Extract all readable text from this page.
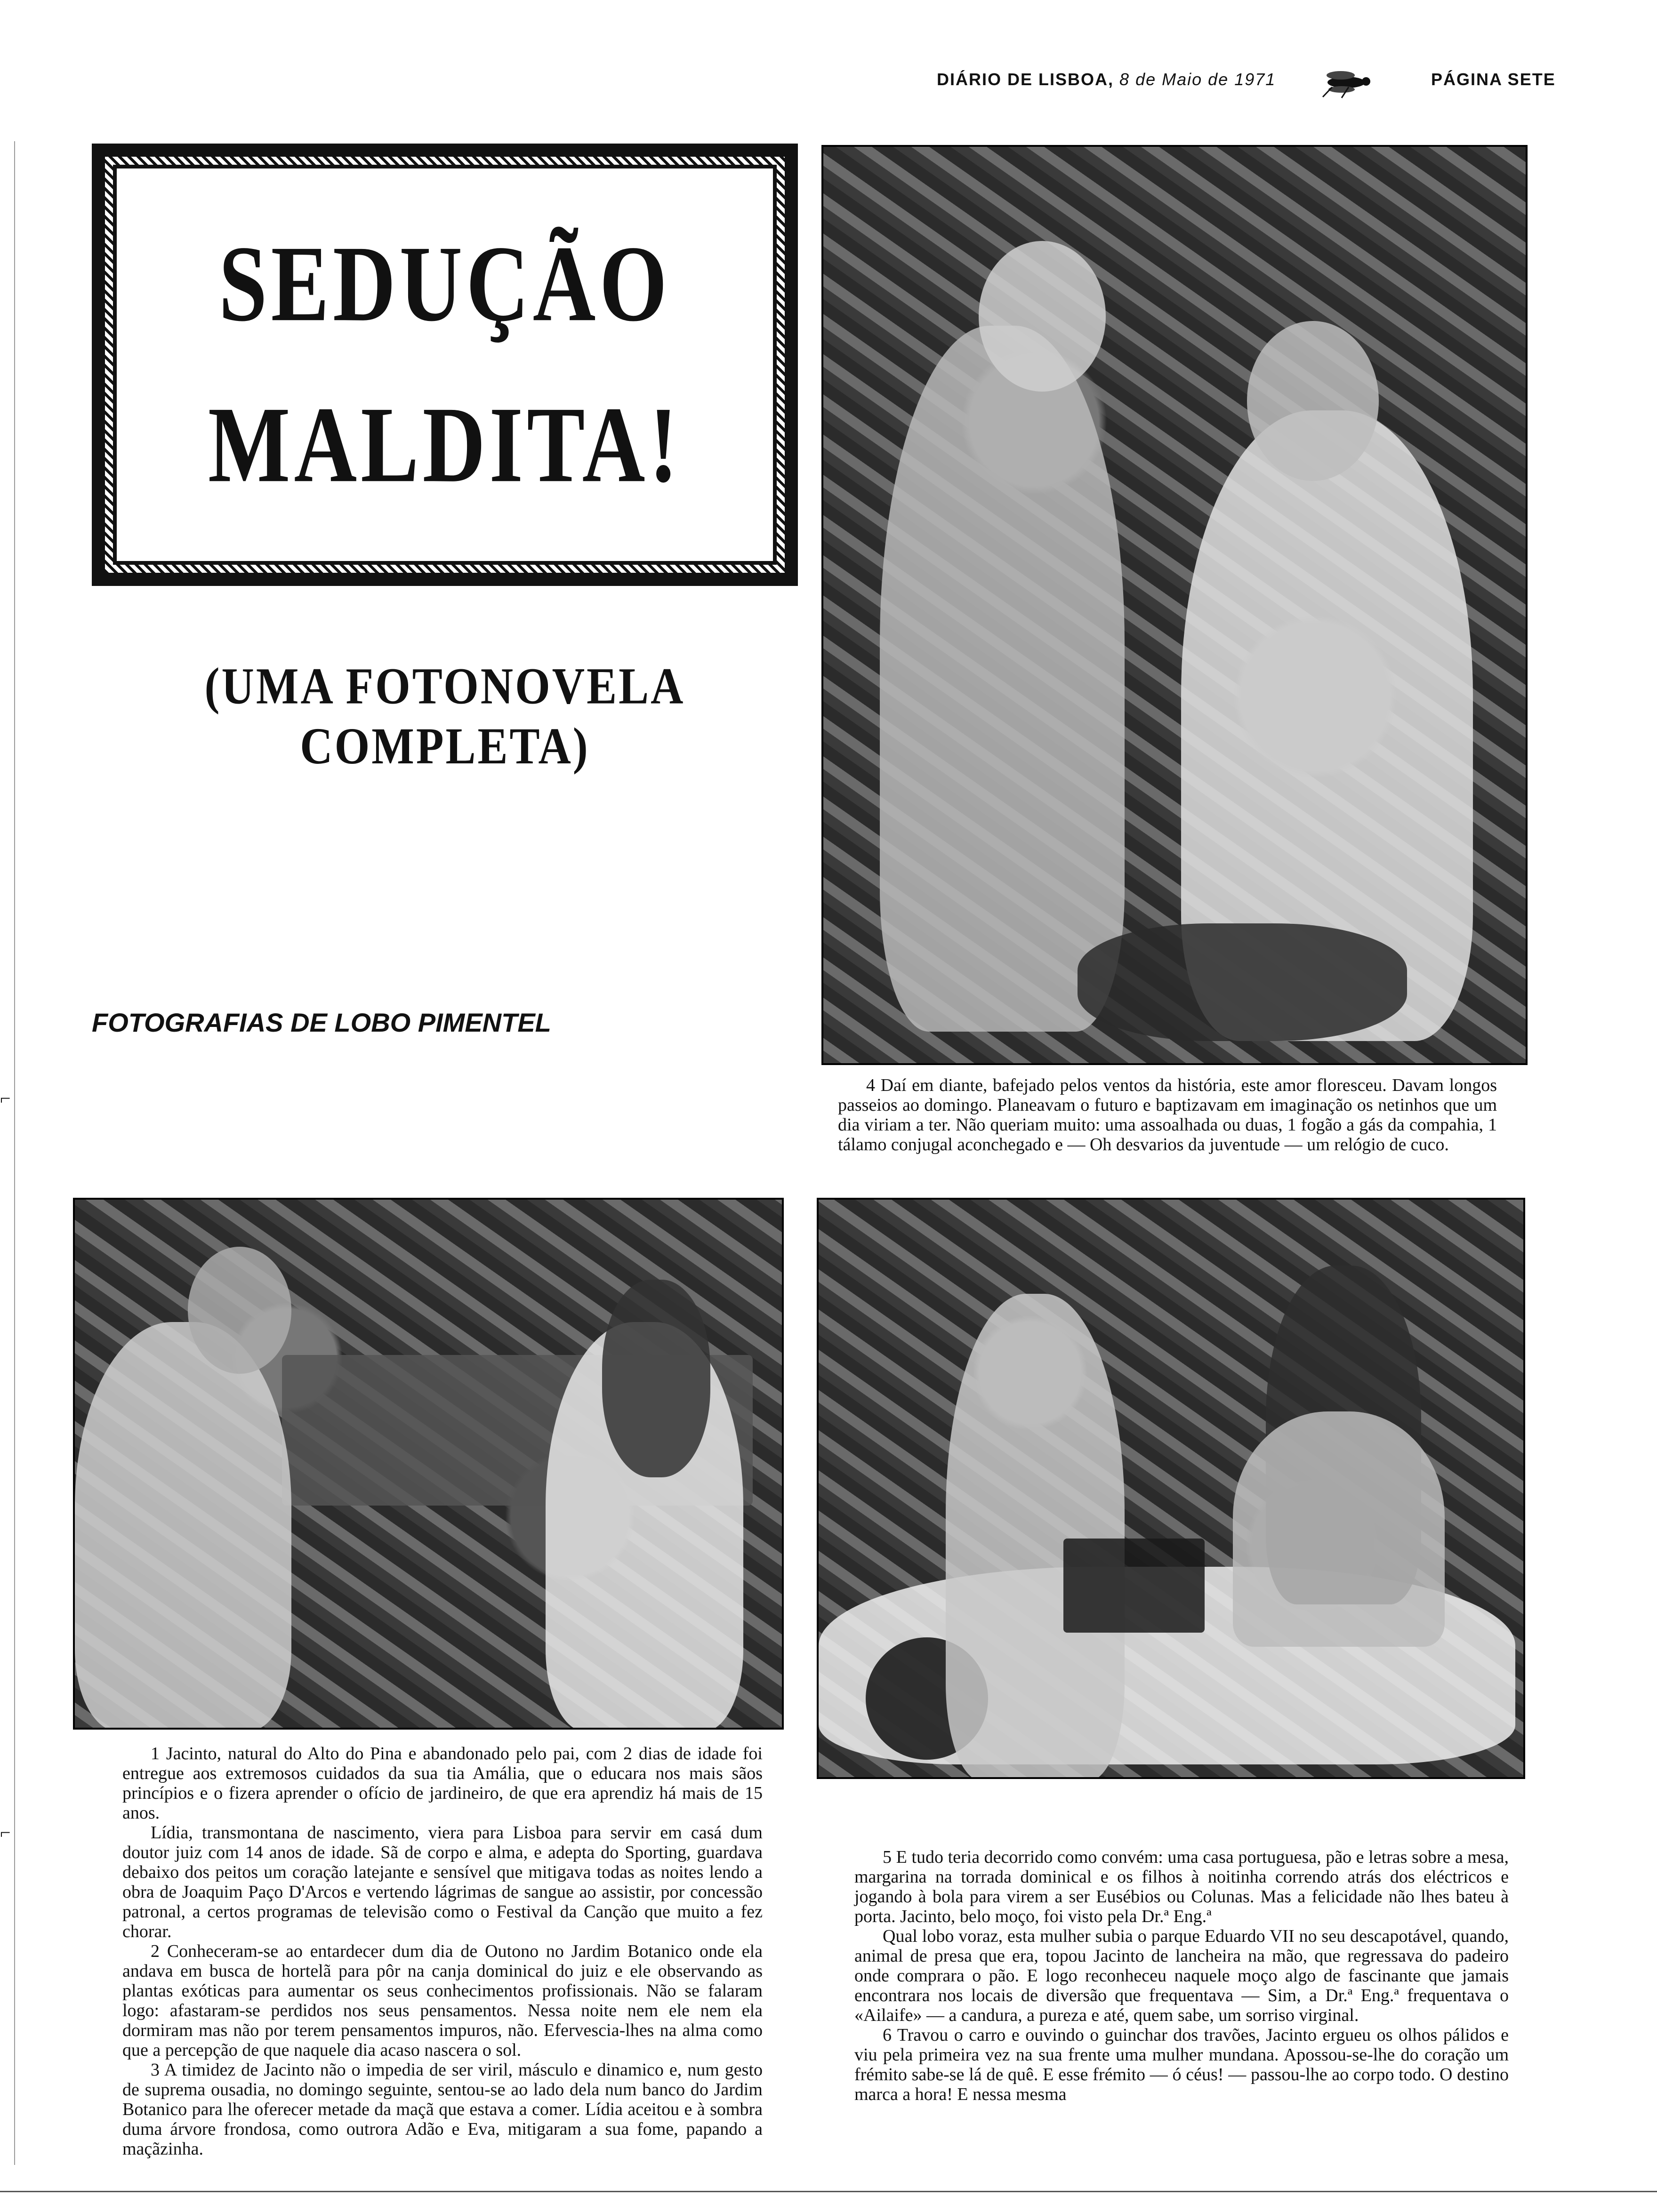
DIÁRIO DE LISBOA, 8 de Maio de 1971	PÁGINA SETE
SEDUÇÃO
MALDITA!
(UMA FOTONOVELA COMPLETA)
FOTOGRAFIAS DE LOBO PIMENTEL

4 Daí em diante, bafejado pelos ventos da história, este amor floresceu. Davam longos passeios ao domingo. Planeavam o futuro e baptizavam em imaginação os netinhos que um dia viriam a ter. Não queriam muito: uma assoalhada ou duas, 1 fogão a gás da compahia, 1 tálamo conjugal aconchegado e — Oh desvarios da juventude — um relógio de cuco.

1 Jacinto, natural do Alto do Pina e abandonado pelo pai, com 2 dias de idade foi entregue aos extremosos cuidados da sua tia Amália, que o educara nos mais sãos princípios e o fizera aprender o ofício de jardineiro, de que era aprendiz há mais de 15 anos.

Lídia, transmontana de nascimento, viera para Lisboa para servir em casá dum doutor juiz com 14 anos de idade. Sã de corpo e alma, e adepta do Sporting, guardava debaixo dos peitos um coração latejante e sensível que mitigava todas as noites lendo a obra de Joaquim Paço D'Arcos e vertendo lágrimas de sangue ao assistir, por concessão patronal, a certos programas de televisão como o Festival da Canção que muito a fez chorar.

2 Conheceram-se ao entardecer dum dia de Outono no Jardim Botanico onde ela andava em busca de hortelã para pôr na canja dominical do juiz e ele observando as plantas exóticas para aumentar os seus conhecimentos profissionais. Não se falaram logo: afastaram-se perdidos nos seus pensamentos. Nessa noite nem ele nem ela dormiram mas não por terem pensamentos impuros, não. Efervescia-lhes na alma como que a percepção de que naquele dia acaso nascera o sol.

3 A timidez de Jacinto não o impedia de ser viril, másculo e dinamico e, num gesto de suprema ousadia, no domingo seguinte, sentou-se ao lado dela num banco do Jardim Botanico para lhe oferecer metade da maçã que estava a comer. Lídia aceitou e à sombra duma árvore frondosa, como outrora Adão e Eva, mitigaram a sua fome, papando a maçãzinha.

5 E tudo teria decorrido como convém: uma casa portuguesa, pão e letras sobre a mesa, margarina na torrada dominical e os filhos à noitinha correndo atrás dos eléctricos e jogando à bola para virem a ser Eusébios ou Colunas. Mas a felicidade não lhes bateu à porta. Jacinto, belo moço, foi visto pela Dr.ª Eng.ª

Qual lobo voraz, esta mulher subia o parque Eduardo VII no seu descapotável, quando, animal de presa que era, topou Jacinto de lancheira na mão, que regressava do padeiro onde comprara o pão. E logo reconheceu naquele moço algo de fascinante que jamais encontrara nos locais de diversão que frequentava — Sim, a Dr.ª Eng.ª frequentava o «Ailaife» — a candura, a pureza e até, quem sabe, um sorriso virginal.

6 Travou o carro e ouvindo o guinchar dos travões, Jacinto ergueu os olhos pálidos e viu pela primeira vez na sua frente uma mulher mundana. Apossou-se-lhe do coração um frémito sabe-se lá de quê. E esse frémito — ó céus! — passou-lhe ao corpo todo. O destino marca a hora! E nessa mesma

⌐
⌐
